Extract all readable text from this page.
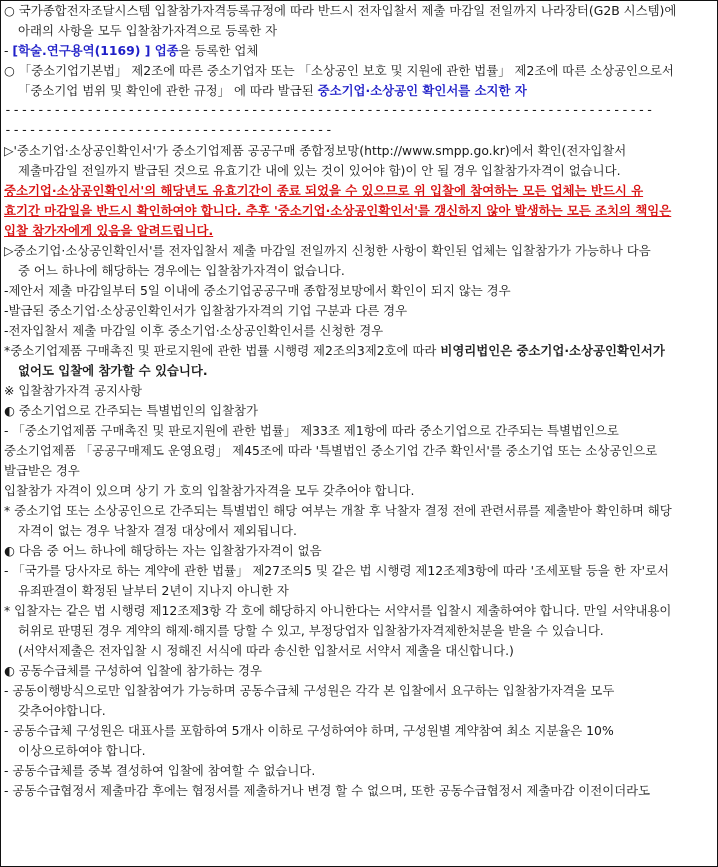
○ 국가종합전자조달시스템 입찰참가자격등록규정에 따라 반드시 전자입찰서 제출 마감일 전일까지 나라장터(G2B 시스템)에
아래의 사항을 모두 입찰참가자격으로 등록한 자
- [학술.연구용역(1169) ] 업종을 등록한 업체
○ 「중소기업기본법」 제2조에 따른 중소기업자 또는 「소상공인 보호 및 지원에 관한 법률」 제2조에 따른 소상공인으로서
「중소기업 범위 및 확인에 관한 규정」 에 따라 발급된 중소기업·소상공인 확인서를 소지한 자
-------------------------------------------------------------------------------
----------------------------------------
▷'중소기업·소상공인확인서'가 중소기업제품 공공구매 종합정보망(http://www.smpp.go.kr)에서 확인(전자입찰서
제출마감일 전일까지 발급된 것으로 유효기간 내에 있는 것이 있어야 함)이 안 될 경우 입찰참가자격이 없습니다.
중소기업·소상공인확인서'의 해당년도 유효기간이 종료 되었을 수 있으므로 위 입찰에 참여하는 모든 업체는 반드시 유
효기간 마감일을 반드시 확인하여야 합니다. 추후 '중소기업·소상공인확인서'를 갱신하지 않아 발생하는 모든 조치의 책임은
입찰 참가자에게 있음을 알려드립니다.
▷중소기업·소상공인확인서'를 전자입찰서 제출 마감일 전일까지 신청한 사항이 확인된 업체는 입찰참가가 가능하나 다음
중 어느 하나에 해당하는 경우에는 입찰참가자격이 없습니다.
-제안서 제출 마감일부터 5일 이내에 중소기업공공구매 종합정보망에서 확인이 되지 않는 경우
-발급된 중소기업·소상공인확인서가 입찰참가자격의 기업 구분과 다른 경우
-전자입찰서 제출 마감일 이후 중소기업·소상공인확인서를 신청한 경우
*중소기업제품 구매촉진 및 판로지원에 관한 법률 시행령 제2조의3제2호에 따라 비영리법인은 중소기업·소상공인확인서가
없어도 입찰에 참가할 수 있습니다.
※ 입찰참가자격 공지사항
◐ 중소기업으로 간주되는 특별법인의 입찰참가
- 「중소기업제품 구매촉진 및 판로지원에 관한 법률」 제33조 제1항에 따라 중소기업으로 간주되는 특별법인으로
중소기업제품 「공공구매제도 운영요령」 제45조에 따라 '특별법인 중소기업 간주 확인서'를 중소기업 또는 소상공인으로
발급받은 경우
입찰참가 자격이 있으며 상기 가 호의 입찰참가자격을 모두 갖추어야 합니다.
* 중소기업 또는 소상공인으로 간주되는 특별법인 해당 여부는 개찰 후 낙찰자 결정 전에 관련서류를 제출받아 확인하며 해당
자격이 없는 경우 낙찰자 결정 대상에서 제외됩니다.
◐ 다음 중 어느 하나에 해당하는 자는 입찰참가자격이 없음
- 「국가를 당사자로 하는 계약에 관한 법률」 제27조의5 및 같은 법 시행령 제12조제3항에 따라 '조세포탈 등을 한 자'로서
유죄판결이 확정된 날부터 2년이 지나지 아니한 자
* 입찰자는 같은 법 시행령 제12조제3항 각 호에 해당하지 아니한다는 서약서를 입찰시 제출하여야 합니다. 만일 서약내용이
허위로 판명된 경우 계약의 해제·해지를 당할 수 있고, 부정당업자 입찰참가자격제한처분을 받을 수 있습니다.
(서약서제출은 전자입찰 시 정해진 서식에 따라 송신한 입찰서로 서약서 제출을 대신합니다.)
◐ 공동수급체를 구성하여 입찰에 참가하는 경우
- 공동이행방식으로만 입찰참여가 가능하며 공동수급체 구성원은 각각 본 입찰에서 요구하는 입찰참가자격을 모두
갖추어야합니다.
- 공동수급체 구성원은 대표사를 포함하여 5개사 이하로 구성하여야 하며, 구성원별 계약참여 최소 지분율은 10%
이상으로하여야 합니다.
- 공동수급체를 중복 결성하여 입찰에 참여할 수 없습니다.
- 공동수급협정서 제출마감 후에는 협정서를 제출하거나 변경 할 수 없으며, 또한 공동수급협정서 제출마감 이전이더라도
